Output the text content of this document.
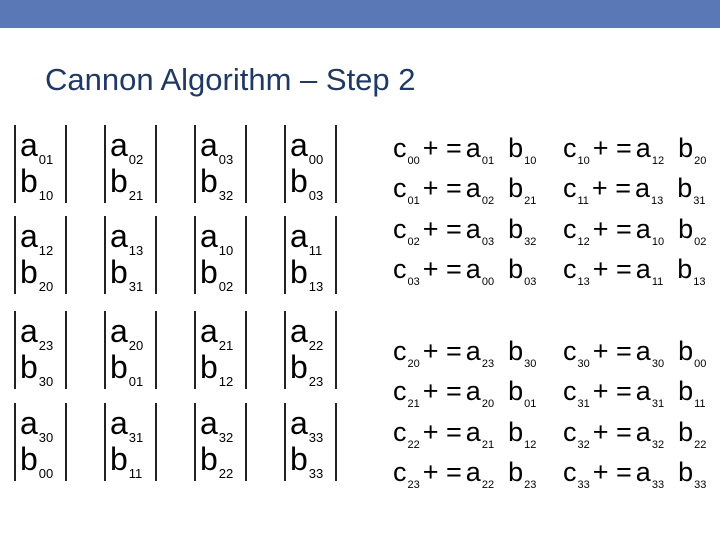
Cannon Algorithm – Step 2
$a_{01}$
$b_{10}$
$a_{02}$
$b_{21}$
$a_{03}$
$b_{32}$
$a_{00}$
$b_{03}$
$a_{12}$
$b_{20}$
$a_{13}$
$b_{31}$
$a_{10}$
$b_{02}$
$a_{11}$
$b_{13}$
$a_{23}$
$b_{30}$
$a_{20}$
$b_{01}$
$a_{21}$
$b_{12}$
$a_{22}$
$b_{23}$
$a_{30}$
$b_{00}$
$a_{31}$
$b_{11}$
$a_{32}$
$b_{22}$
$a_{33}$
$b_{33}$
$c_{00}$ + = $a_{01}$ $b_{10}$ $c_{10}$ + = $a_{12}$ $b_{20}$
$c_{01}$ + = $a_{02}$ $b_{21}$ $c_{11}$ + = $a_{13}$ $b_{31}$
$c_{02}$ + = $a_{03}$ $b_{32}$ $c_{12}$ + = $a_{10}$ $b_{02}$
$c_{03}$ + = $a_{00}$ $b_{03}$ $c_{13}$ + = $a_{11}$ $b_{13}$
$c_{20}$ + = $a_{23}$ $b_{30}$ $c_{30}$ + = $a_{30}$ $b_{00}$
$c_{21}$ + = $a_{20}$ $b_{01}$ $c_{31}$ + = $a_{31}$ $b_{11}$
$c_{22}$ + = $a_{21}$ $b_{12}$ $c_{32}$ + = $a_{32}$ $b_{22}$
$c_{23}$ + = $a_{22}$ $b_{23}$ $c_{33}$ + = $a_{33}$ $b_{33}$
